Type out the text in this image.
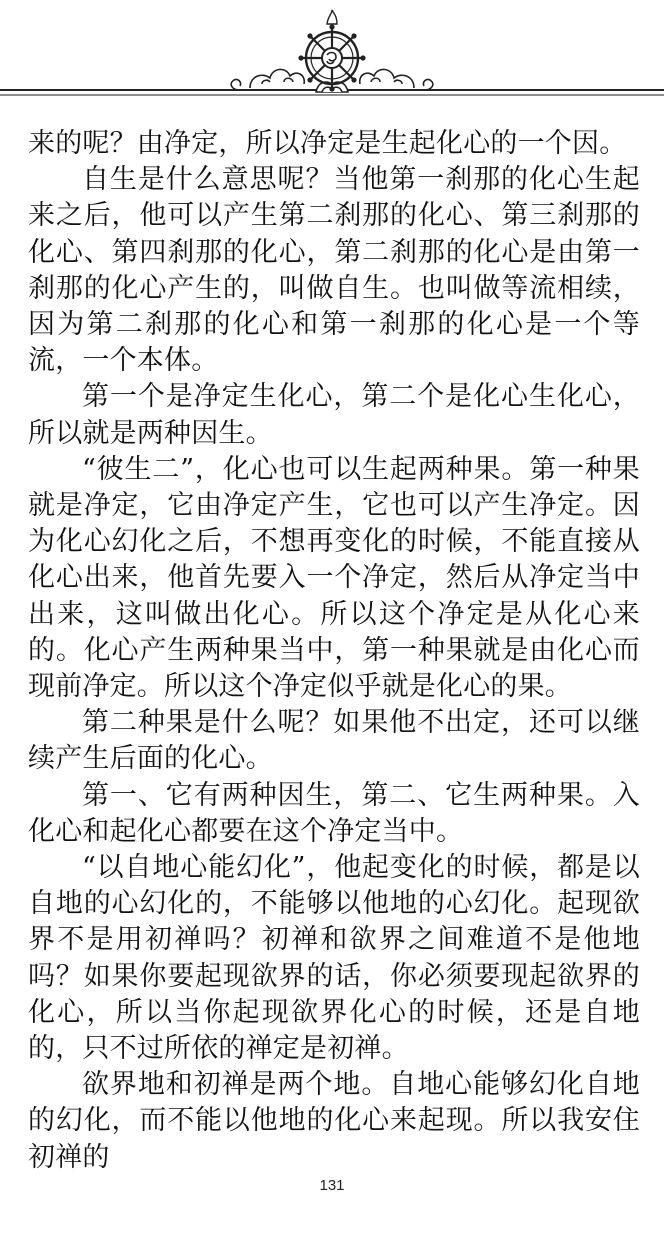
来的呢？由净定，所以净定是生起化心的一个因。

自生是什么意思呢？当他第一刹那的化心生起来之后，他可以产生第二刹那的化心、第三刹那的化心、第四刹那的化心，第二刹那的化心是由第一刹那的化心产生的，叫做自生。也叫做等流相续，因为第二刹那的化心和第一刹那的化心是一个等流，一个本体。

第一个是净定生化心，第二个是化心生化心，所以就是两种因生。

“彼生二”，化心也可以生起两种果。第一种果就是净定，它由净定产生，它也可以产生净定。因为化心幻化之后，不想再变化的时候，不能直接从化心出来，他首先要入一个净定，然后从净定当中出来，这叫做出化心。所以这个净定是从化心来的。化心产生两种果当中，第一种果就是由化心而现前净定。所以这个净定似乎就是化心的果。

第二种果是什么呢？如果他不出定，还可以继续产生后面的化心。

第一、它有两种因生，第二、它生两种果。入化心和起化心都要在这个净定当中。

“以自地心能幻化”，他起变化的时候，都是以自地的心幻化的，不能够以他地的心幻化。起现欲界不是用初禅吗？初禅和欲界之间难道不是他地吗？如果你要起现欲界的话，你必须要现起欲界的化心，所以当你起现欲界化心的时候，还是自地的，只不过所依的禅定是初禅。

欲界地和初禅是两个地。自地心能够幻化自地的幻化，而不能以他地的化心来起现。所以我安住初禅的

131
